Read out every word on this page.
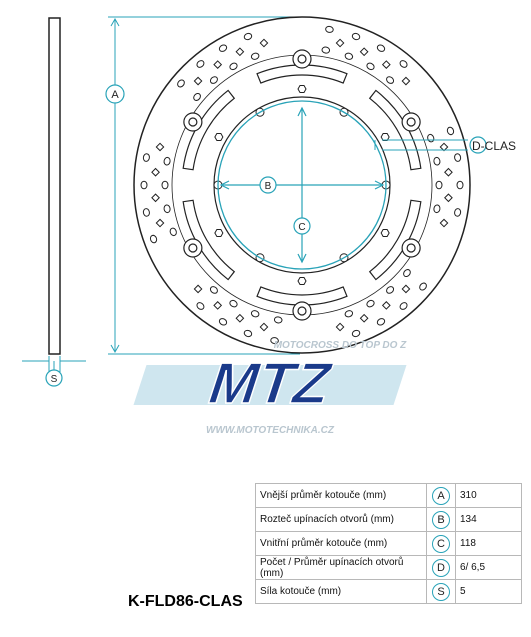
A
S
B
C
D-CLAS
MOTOCROSS DO TOP DO Z
MTZ
WWW.MOTOTECHNIKA.CZ
K-FLD86-CLAS
Vnější průměr kotouče (mm)	A	310
Rozteč upínacích otvorů (mm)	B	134
Vnitřní průměr kotouče (mm)	C	118
Počet / Průměr upínacích otvorů (mm)	D	6/ 6,5
Síla kotouče (mm)	S	5
